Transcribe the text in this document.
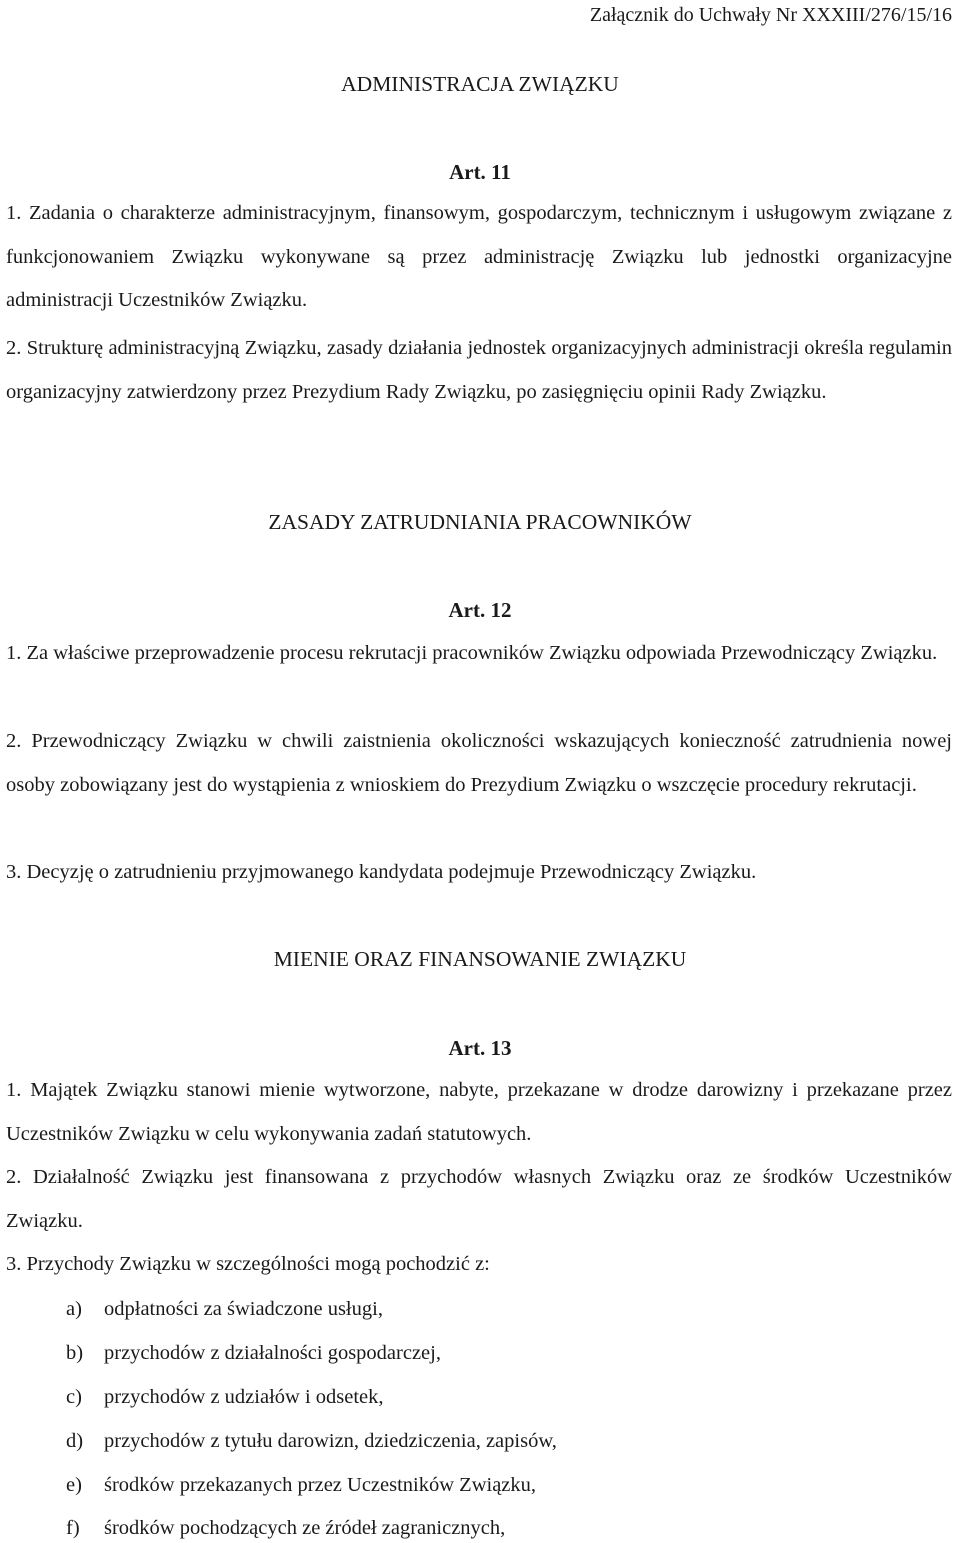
Załącznik do Uchwały Nr XXXIII/276/15/16
ADMINISTRACJA ZWIĄZKU
Art. 11
1. Zadania o charakterze administracyjnym, finansowym, gospodarczym, technicznym i usługowym związane z funkcjonowaniem Związku wykonywane są przez administrację Związku lub jednostki organizacyjne administracji Uczestników Związku.
2. Strukturę administracyjną Związku, zasady działania jednostek organizacyjnych administracji określa regulamin organizacyjny zatwierdzony przez Prezydium Rady Związku, po zasięgnięciu opinii Rady Związku.
ZASADY ZATRUDNIANIA PRACOWNIKÓW
Art. 12
1. Za właściwe przeprowadzenie procesu rekrutacji pracowników Związku odpowiada Przewodniczący Związku.
2. Przewodniczący Związku w chwili zaistnienia okoliczności wskazujących konieczność zatrudnienia nowej osoby zobowiązany jest do wystąpienia z wnioskiem do Prezydium Związku o wszczęcie procedury rekrutacji.
3. Decyzję o zatrudnieniu przyjmowanego kandydata podejmuje Przewodniczący Związku.
MIENIE ORAZ FINANSOWANIE ZWIĄZKU
Art. 13
1. Majątek Związku stanowi mienie wytworzone, nabyte, przekazane w drodze darowizny i przekazane przez Uczestników Związku w celu wykonywania zadań statutowych.
2. Działalność Związku jest finansowana z przychodów własnych Związku oraz ze środków Uczestników Związku.
3. Przychody Związku w szczególności mogą pochodzić z:
a) odpłatności za świadczone usługi,
b) przychodów z działalności gospodarczej,
c) przychodów z udziałów i odsetek,
d) przychodów z tytułu darowizn, dziedziczenia, zapisów,
e) środków przekazanych przez Uczestników Związku,
f) środków pochodzących ze źródeł zagranicznych,
